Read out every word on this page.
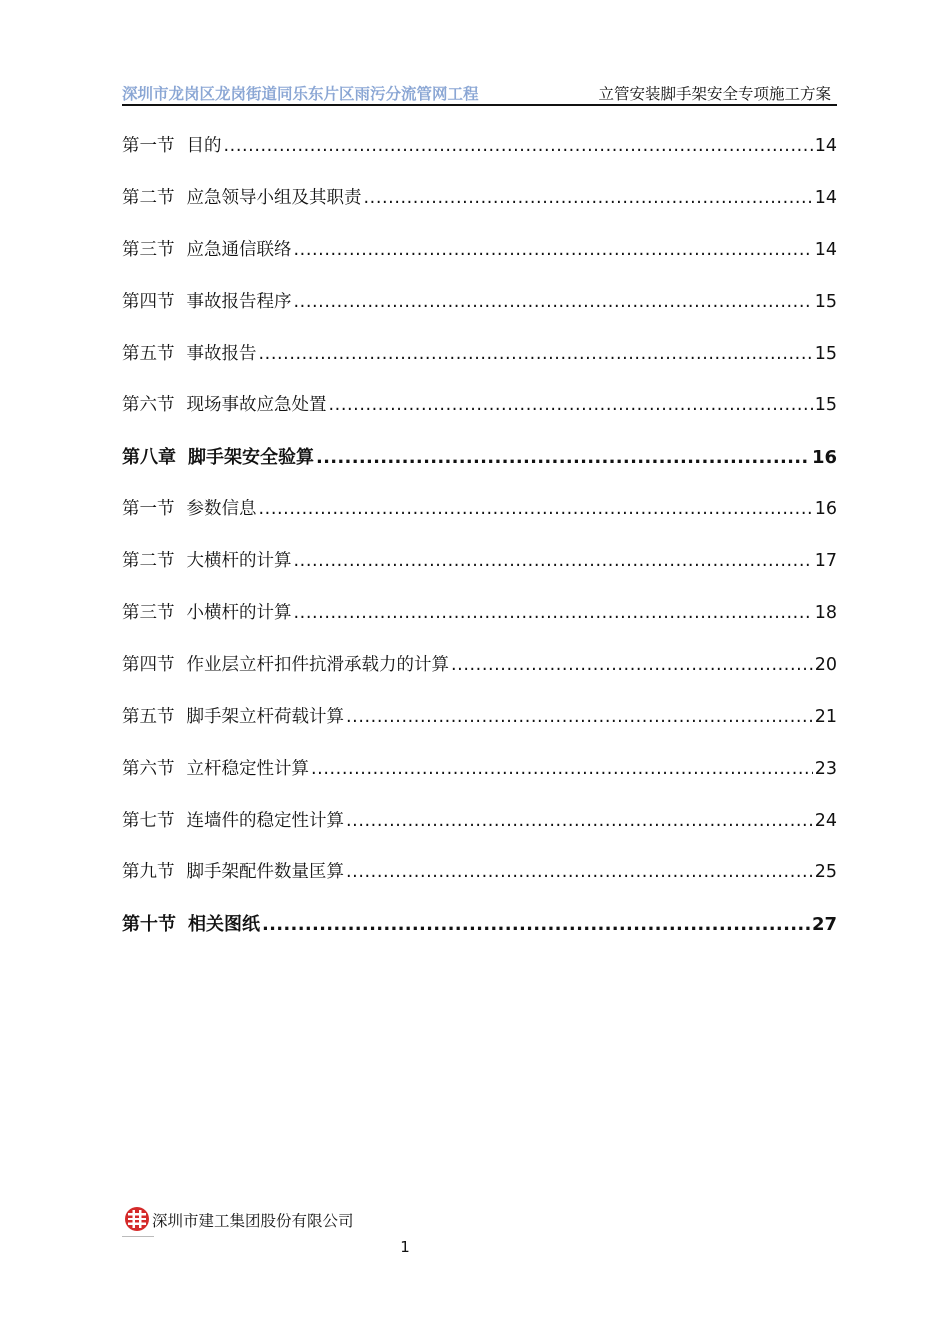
深圳市龙岗区龙岗街道同乐东片区雨污分流管网工程	立管安装脚手架安全专项施工方案
第一节 目的 .....	14
第二节 应急领导小组及其职责 .....	14
第三节 应急通信联络 .....	14
第四节 事故报告程序 .....	15
第五节 事故报告 .....	15
第六节 现场事故应急处置 .....	15
第八章 脚手架安全验算 .....	16
第一节 参数信息 .....	16
第二节 大横杆的计算 .....	17
第三节 小横杆的计算 .....	18
第四节 作业层立杆扣件抗滑承载力的计算 .....	20
第五节 脚手架立杆荷载计算 .....	21
第六节 立杆稳定性计算 .....	23
第七节 连墙件的稳定性计算 .....	24
第九节 脚手架配件数量匡算 .....	25
第十节 相关图纸 .....	27
深圳市建工集团股份有限公司
1
